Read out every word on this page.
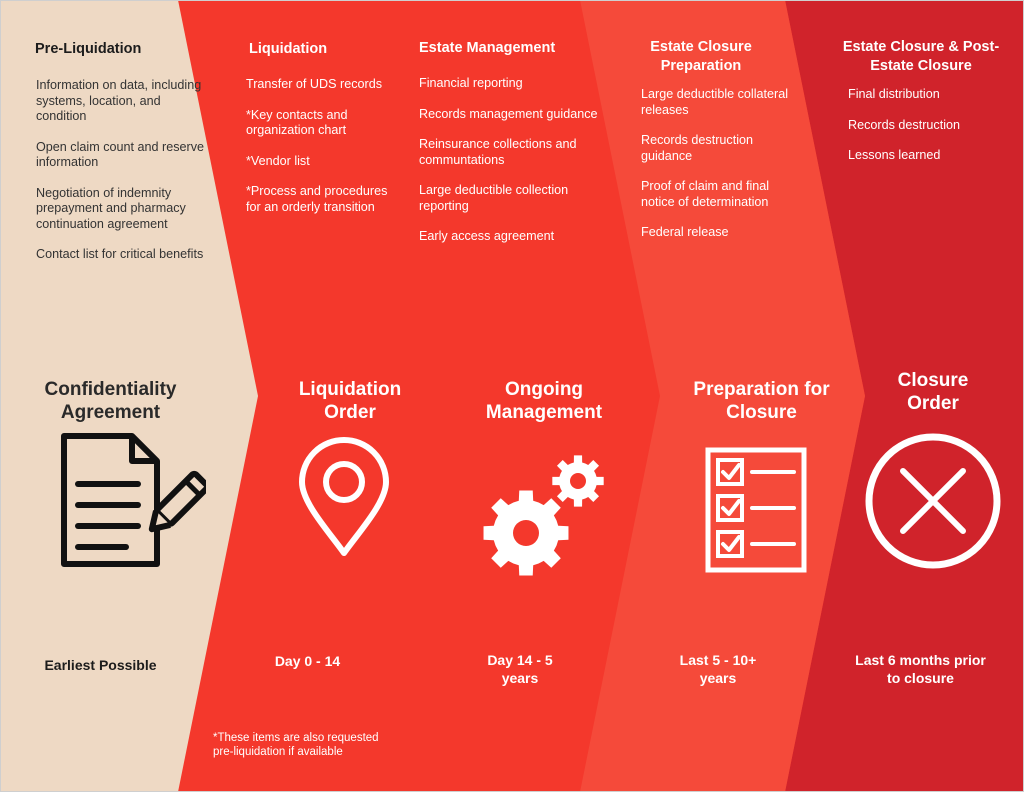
Pre-Liquidation	Liquidation	Estate Management	Estate Closure Preparation
Estate Closure & Post-Estate Closure
Information on data, including systems, location, and condition
Open claim count and reserve information
Negotiation of indemnity prepayment and pharmacy continuation agreement
Contact list for critical benefits
Transfer of UDS records
*Key contacts and organization chart
*Vendor list
*Process and procedures for an orderly transition
Financial reporting
Records management guidance
Reinsurance collections and communtations
Large deductible collection reporting
Early access agreement
Large deductible collateral releases
Records destruction guidance
Proof of claim and final notice of determination
Federal release
Final distribution
Records destruction
Lessons learned
Confidentiality Agreement
Liquidation Order
Ongoing Management
Preparation for Closure
Closure Order
Earliest Possible	Day 0 - 14	Day 14 - 5 years
Last 5 - 10+ years
Last 6 months prior to closure
*These items are also requested pre-liquidation if available
